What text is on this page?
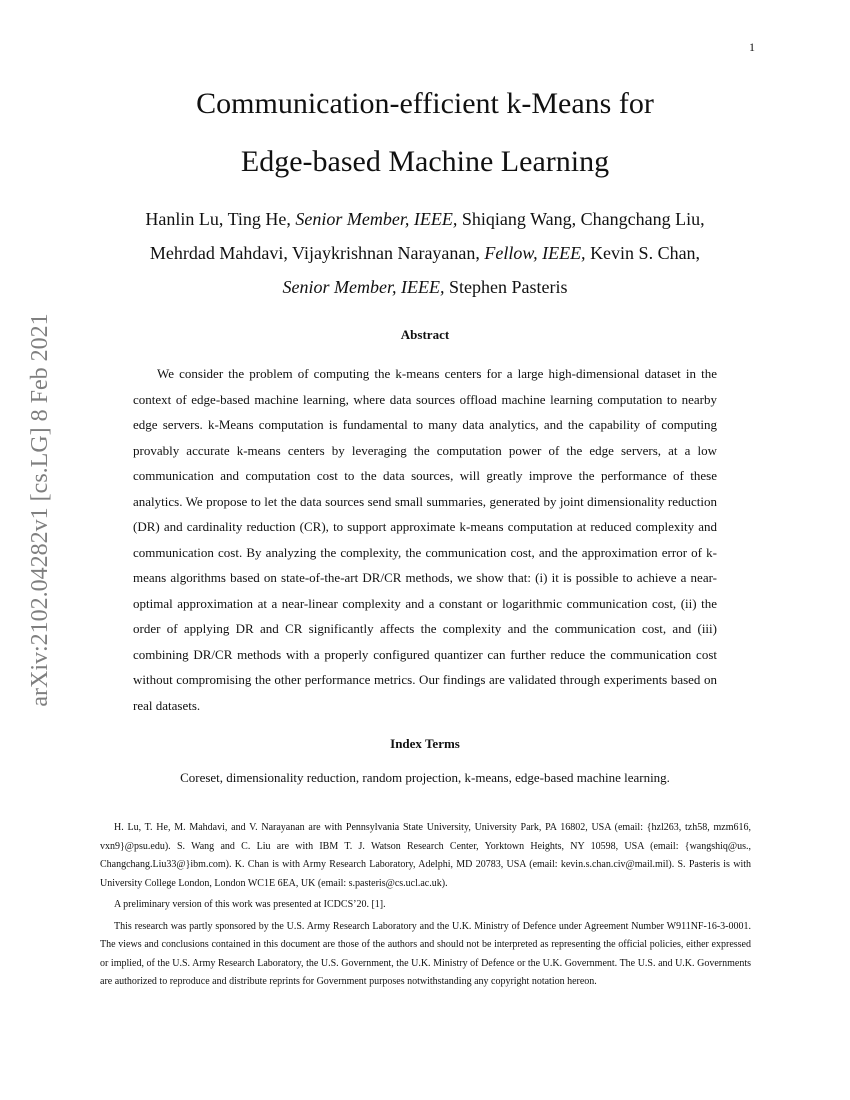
1
arXiv:2102.04282v1 [cs.LG] 8 Feb 2021
Communication-efficient k-Means for
Edge-based Machine Learning
Hanlin Lu, Ting He, Senior Member, IEEE, Shiqiang Wang, Changchang Liu,
Mehrdad Mahdavi, Vijaykrishnan Narayanan, Fellow, IEEE, Kevin S. Chan,
Senior Member, IEEE, Stephen Pasteris
Abstract
We consider the problem of computing the k-means centers for a large high-dimensional dataset in the context of edge-based machine learning, where data sources offload machine learning computation to nearby edge servers. k-Means computation is fundamental to many data analytics, and the capability of computing provably accurate k-means centers by leveraging the computation power of the edge servers, at a low communication and computation cost to the data sources, will greatly improve the performance of these analytics. We propose to let the data sources send small summaries, generated by joint dimensionality reduction (DR) and cardinality reduction (CR), to support approximate k-means computation at reduced complexity and communication cost. By analyzing the complexity, the communication cost, and the approximation error of k-means algorithms based on state-of-the-art DR/CR methods, we show that: (i) it is possible to achieve a near-optimal approximation at a near-linear complexity and a constant or logarithmic communication cost, (ii) the order of applying DR and CR significantly affects the complexity and the communication cost, and (iii) combining DR/CR methods with a properly configured quantizer can further reduce the communication cost without compromising the other performance metrics. Our findings are validated through experiments based on real datasets.
Index Terms
Coreset, dimensionality reduction, random projection, k-means, edge-based machine learning.

H. Lu, T. He, M. Mahdavi, and V. Narayanan are with Pennsylvania State University, University Park, PA 16802, USA (email: {hzl263, tzh58, mzm616, vxn9}@psu.edu). S. Wang and C. Liu are with IBM T. J. Watson Research Center, Yorktown Heights, NY 10598, USA (email: {wangshiq@us., Changchang.Liu33@}ibm.com). K. Chan is with Army Research Laboratory, Adelphi, MD 20783, USA (email: kevin.s.chan.civ@mail.mil). S. Pasteris is with University College London, London WC1E 6EA, UK (email: s.pasteris@cs.ucl.ac.uk).

A preliminary version of this work was presented at ICDCS’20. [1].

This research was partly sponsored by the U.S. Army Research Laboratory and the U.K. Ministry of Defence under Agreement Number W911NF-16-3-0001. The views and conclusions contained in this document are those of the authors and should not be interpreted as representing the official policies, either expressed or implied, of the U.S. Army Research Laboratory, the U.S. Government, the U.K. Ministry of Defence or the U.K. Government. The U.S. and U.K. Governments are authorized to reproduce and distribute reprints for Government purposes notwithstanding any copyright notation hereon.
